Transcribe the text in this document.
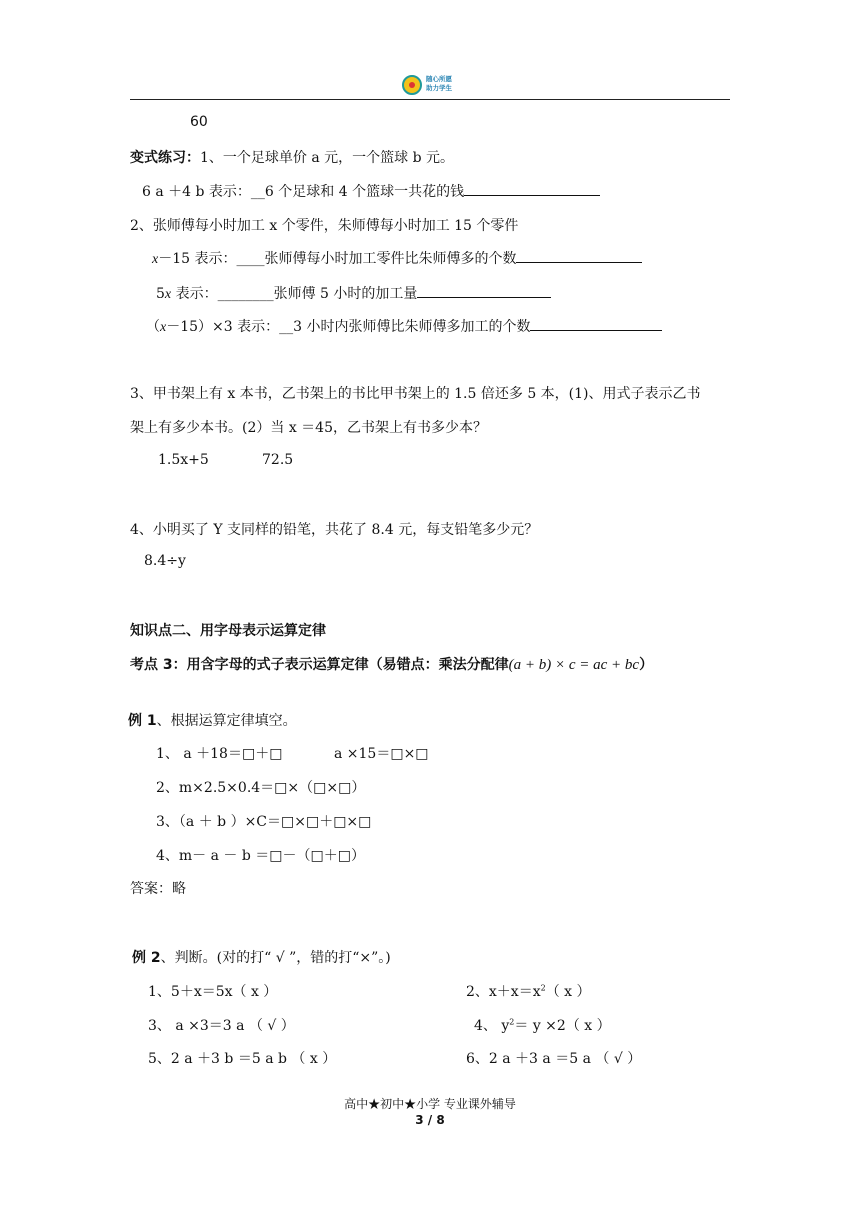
随心所愿
助力学生
60
变式练习：1、一个足球单价 a 元，一个篮球 b 元。
6 a ＋4 b 表示：__6 个足球和 4 个篮球一共花的钱
2、张师傅每小时加工 x 个零件，朱师傅每小时加工 15 个零件
x－15 表示：____张师傅每小时加工零件比朱师傅多的个数
5x 表示：________张师傅 5 小时的加工量
（x－15）×3 表示：__3 小时内张师傅比朱师傅多加工的个数
3、甲书架上有 x 本书，乙书架上的书比甲书架上的 1.5 倍还多 5 本，(1)、用式子表示乙书
架上有多少本书。(2）当 x ＝45，乙书架上有书多少本？
1.5x+5	72.5
4、小明买了 Y 支同样的铅笔，共花了 8.4 元，每支铅笔多少元？
8.4÷y
知识点二、用字母表示运算定律
考点 3：用含字母的式子表示运算定律（易错点：乘法分配律(a + b) × c = ac + bc）
例 1、根据运算定律填空。
1、 a ＋18＝□＋□	a ×15＝□×□
2、m×2.5×0.4＝□×（□×□）
3、（a ＋ b ）×C＝□×□＋□×□
4、m－ a － b ＝□－（□＋□）
答案：略
例 2、判断。(对的打“ √ ”，错的打“×”。)
1、5＋x＝5x（ x ）	2、$x+x=x^2$（ x ）
3、 a ×3＝3 a （ √ ）	4、 $y^2= y \times 2$（ x ）
5、2 a ＋3 b ＝5 a b （ x ）	6、2 a ＋3 a ＝5 a （ √ ）
高中★初中★小学 专业课外辅导
3 / 8
